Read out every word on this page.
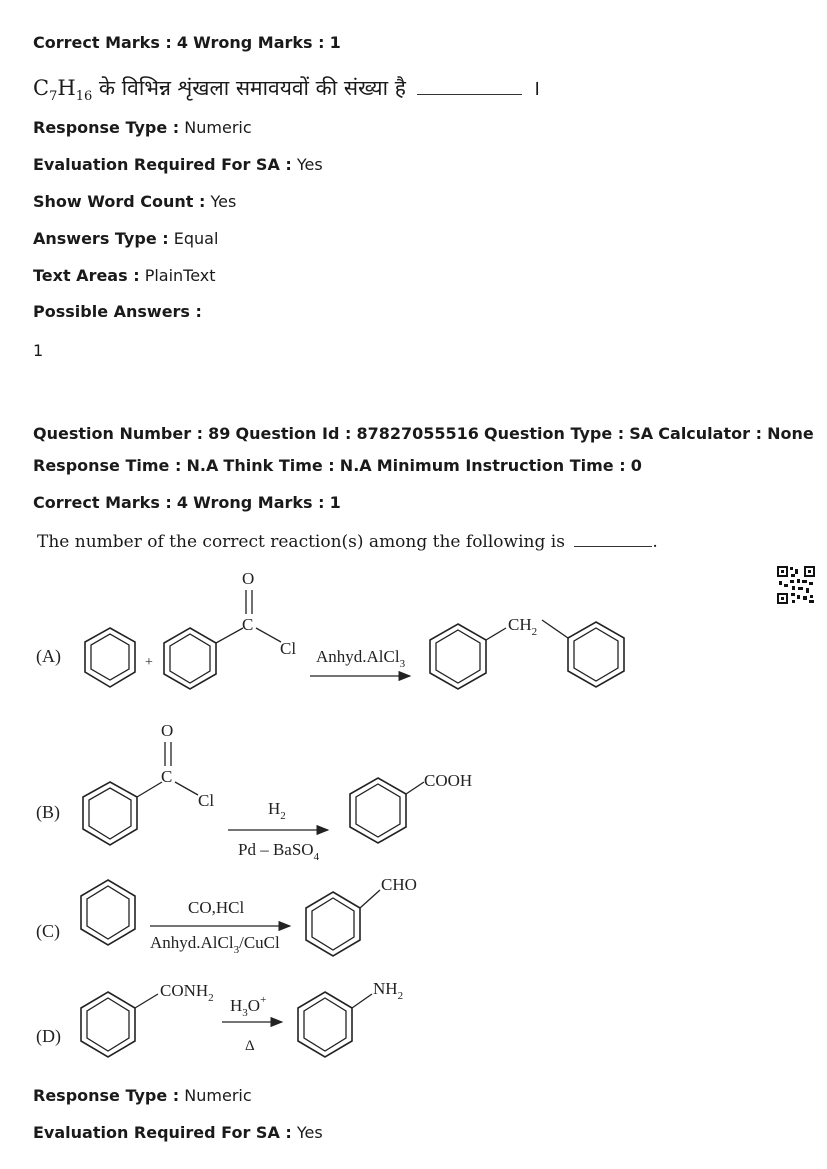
Correct Marks : 4 Wrong Marks : 1
$C_7H_{16}$ के विभिन्न शृंखला समावयवों की संख्या है	।
Response Type : Numeric
Evaluation Required For SA : Yes
Show Word Count : Yes
Answers Type : Equal
Text Areas : PlainText
Possible Answers :
1
Question Number : 89 Question Id : 87827055516 Question Type : SA Calculator : None
Response Time : N.A Think Time : N.A Minimum Instruction Time : 0
Correct Marks : 4 Wrong Marks : 1
The number of the correct reaction(s) among the following is	.
(A)	+
O
C
Cl Anhyd.AlCl$_3$
$CH_2$
(B)
O
C
Cl	$H_2$
Pd – BaSO$_4$
COOH
(C)
CO,HCl
Anhyd.AlCl$_3$/CuCl
CHO
(D)
$CONH_2$ $H_3O^+$
Δ
$NH_2$
Response Type : Numeric
Evaluation Required For SA : Yes
